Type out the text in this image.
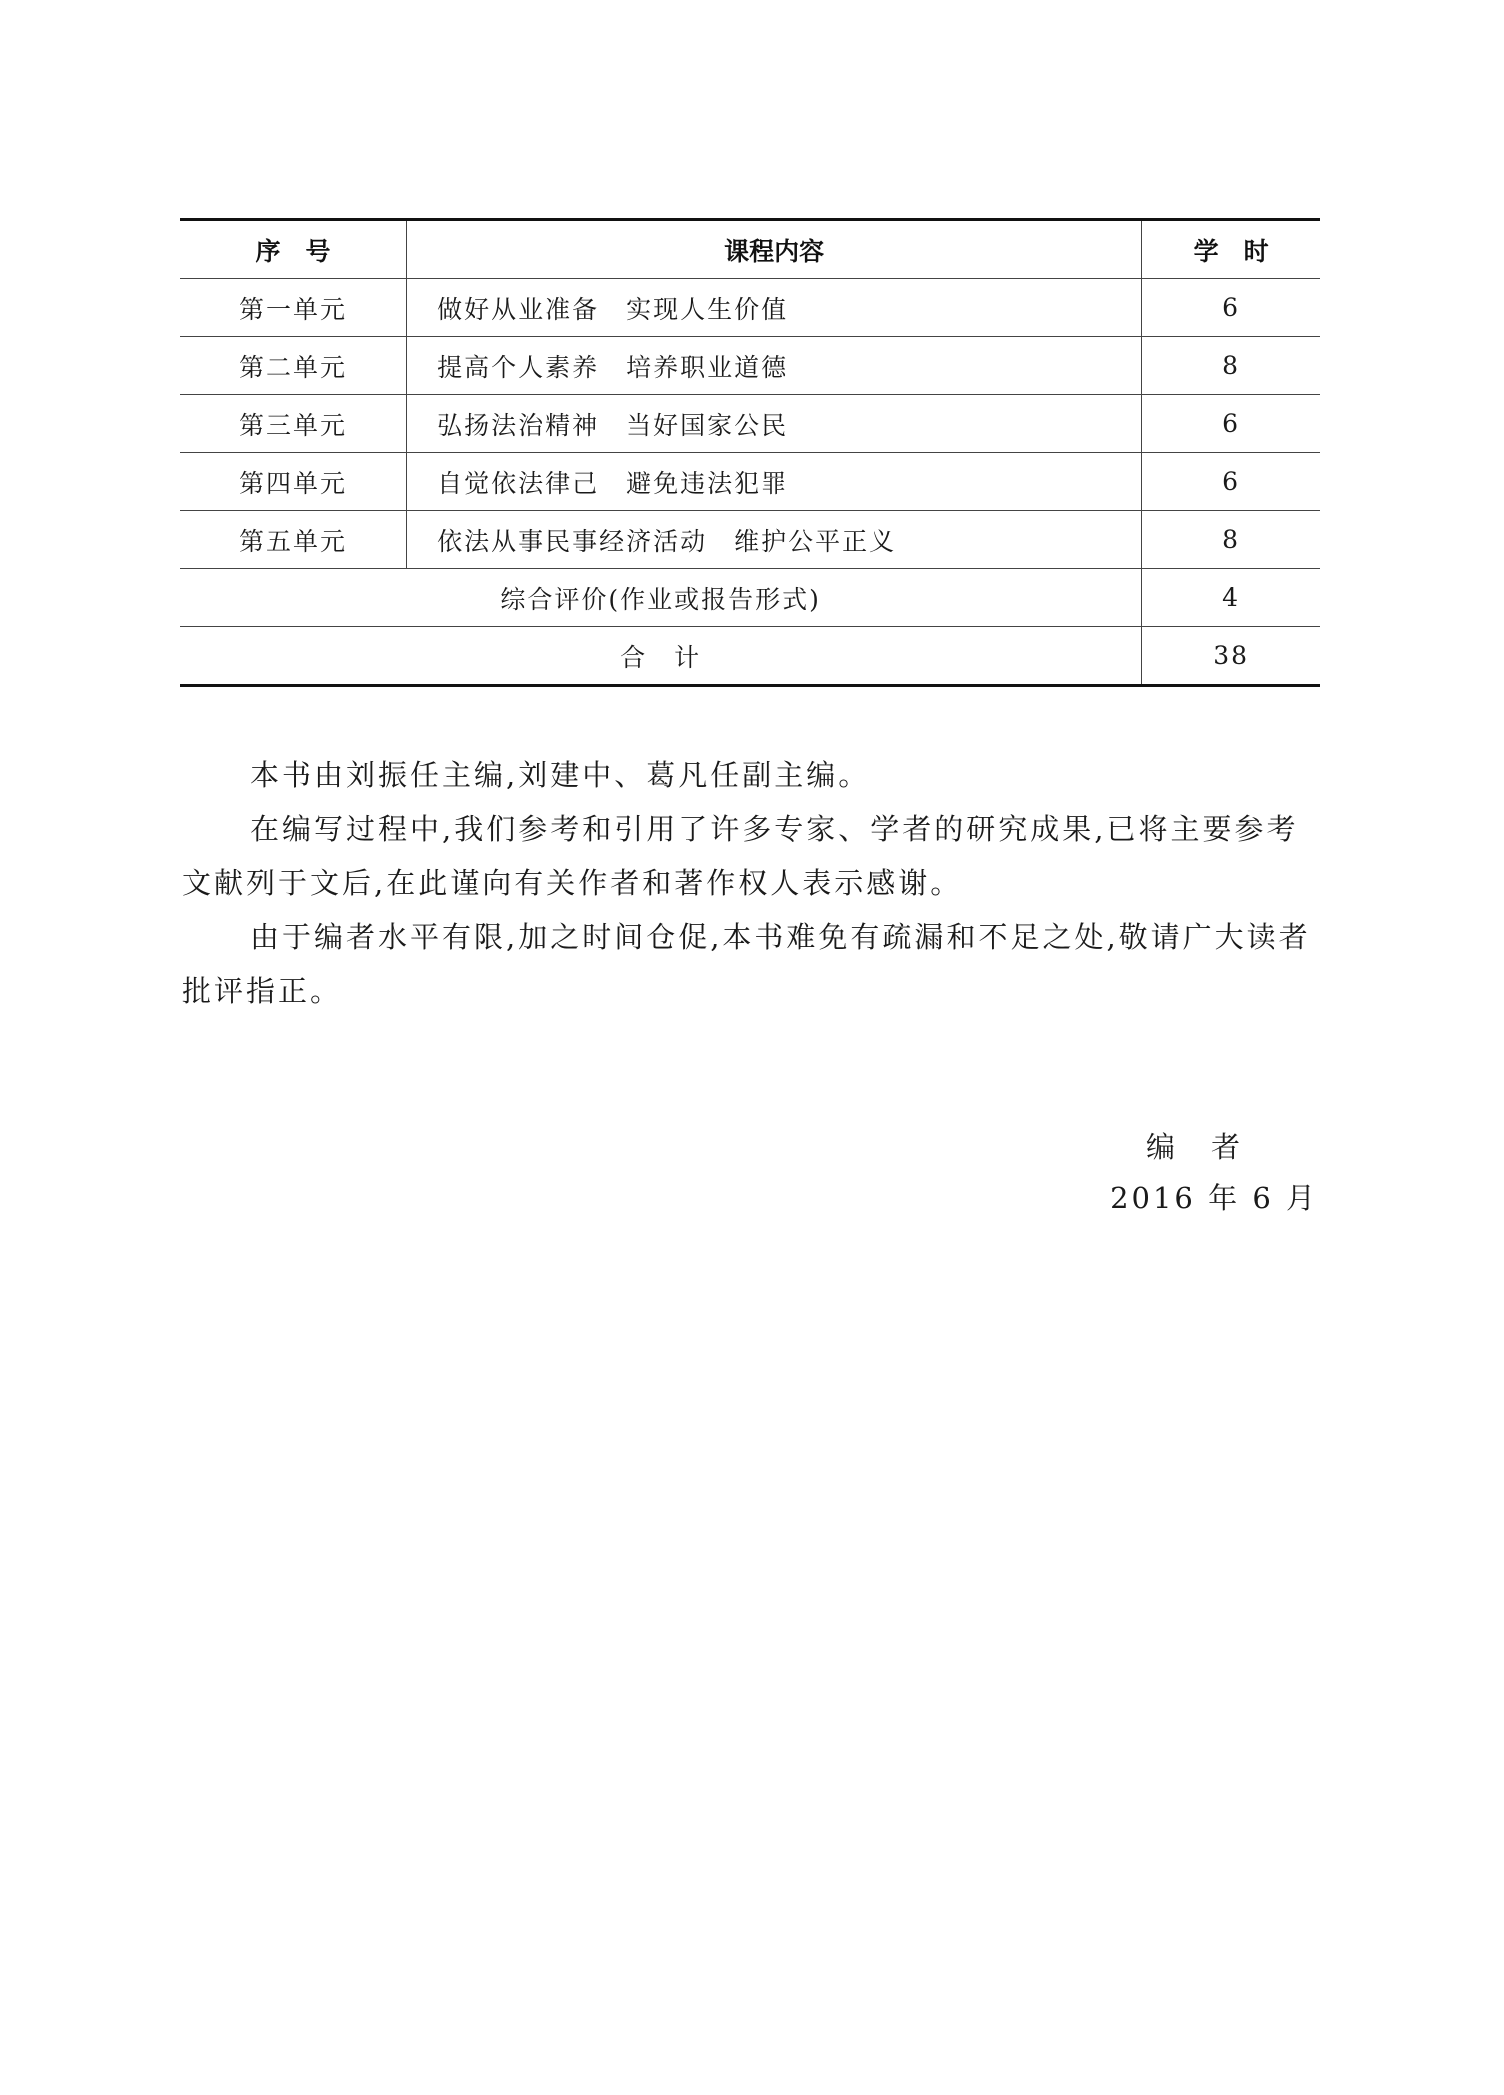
序　号	课程内容	学　时
第一单元	做好从业准备　实现人生价值	6
第二单元	提高个人素养　培养职业道德	8
第三单元	弘扬法治精神　当好国家公民	6
第四单元	自觉依法律己　避免违法犯罪	6
第五单元	依法从事民事经济活动　维护公平正义	8
综合评价(作业或报告形式)		4
合　计		38

本书由刘振任主编,刘建中、葛凡任副主编。

在编写过程中,我们参考和引用了许多专家、学者的研究成果,已将主要参考文献列于文后,在此谨向有关作者和著作权人表示感谢。

由于编者水平有限,加之时间仓促,本书难免有疏漏和不足之处,敬请广大读者批评指正。

编者
2016 年 6 月
